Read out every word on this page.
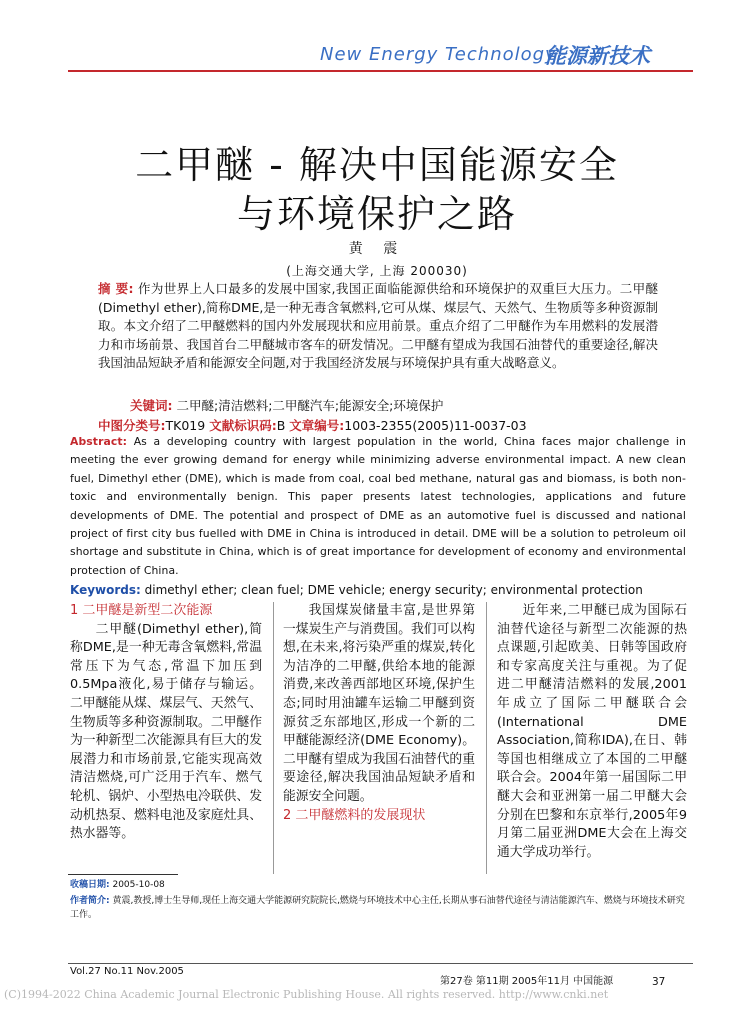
New Energy Technology
能源新技术
二甲醚 - 解决中国能源安全
与环境保护之路
黄 震
(上海交通大学, 上海 200030)
摘 要: 作为世界上人口最多的发展中国家,我国正面临能源供给和环境保护的双重巨大压力。二甲醚(Dimethyl ether),简称DME,是一种无毒含氧燃料,它可从煤、煤层气、天然气、生物质等多种资源制取。本文介绍了二甲醚燃料的国内外发展现状和应用前景。重点介绍了二甲醚作为车用燃料的发展潜力和市场前景、我国首台二甲醚城市客车的研发情况。二甲醚有望成为我国石油替代的重要途径,解决我国油品短缺矛盾和能源安全问题,对于我国经济发展与环境保护具有重大战略意义。
关键词: 二甲醚;清洁燃料;二甲醚汽车;能源安全;环境保护
中图分类号:TK019 文献标识码:B 文章编号:1003-2355(2005)11-0037-03
Abstract: As a developing country with largest population in the world, China faces major challenge in meeting the ever growing demand for energy while minimizing adverse environmental impact. A new clean fuel, Dimethyl ether (DME), which is made from coal, coal bed methane, natural gas and biomass, is both non-toxic and environmentally benign. This paper presents latest technologies, applications and future developments of DME. The potential and prospect of DME as an automotive fuel is discussed and national project of first city bus fuelled with DME in China is introduced in detail. DME will be a solution to petroleum oil shortage and substitute in China, which is of great importance for development of economy and environmental protection of China.
Keywords: dimethyl ether; clean fuel; DME vehicle; energy security; environmental protection
1 二甲醚是新型二次能源
二甲醚(Dimethyl ether),简称DME,是一种无毒含氧燃料,常温常压下为气态,常温下加压到0.5Mpa液化,易于储存与输运。二甲醚能从煤、煤层气、天然气、生物质等多种资源制取。二甲醚作为一种新型二次能源具有巨大的发展潜力和市场前景,它能实现高效清洁燃烧,可广泛用于汽车、燃气轮机、锅炉、小型热电冷联供、发动机热泵、燃料电池及家庭灶具、热水器等。
我国煤炭储量丰富,是世界第一煤炭生产与消费国。我们可以构想,在未来,将污染严重的煤炭,转化为洁净的二甲醚,供给本地的能源消费,来改善西部地区环境,保护生态;同时用油罐车运输二甲醚到资源贫乏东部地区,形成一个新的二甲醚能源经济(DME Economy)。二甲醚有望成为我国石油替代的重要途径,解决我国油品短缺矛盾和能源安全问题。
2 二甲醚燃料的发展现状
近年来,二甲醚已成为国际石油替代途径与新型二次能源的热点课题,引起欧美、日韩等国政府和专家高度关注与重视。为了促进二甲醚清洁燃料的发展,2001年成立了国际二甲醚联合会(International DME Association,简称IDA),在日、韩等国也相继成立了本国的二甲醚联合会。2004年第一届国际二甲醚大会和亚洲第一届二甲醚大会分别在巴黎和东京举行,2005年9月第二届亚洲DME大会在上海交通大学成功举行。
收稿日期: 2005-10-08
作者简介: 黄震,教授,博士生导师,现任上海交通大学能源研究院院长,燃烧与环境技术中心主任,长期从事石油替代途径与清洁能源汽车、燃烧与环境技术研究工作。
Vol.27 No.11 Nov.2005
第27卷 第11期 2005年11月 中国能源	37
(C)1994-2022 China Academic Journal Electronic Publishing House. All rights reserved. http://www.cnki.net
